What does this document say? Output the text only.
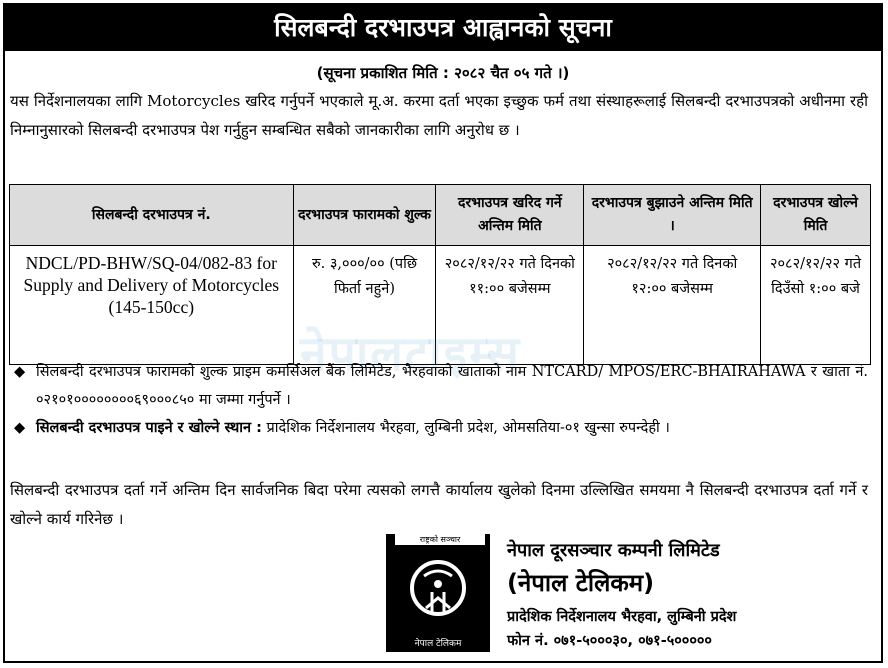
सिलबन्दी दरभाउपत्र आह्वानको सूचना
(सूचना प्रकाशित मिति : २०८२ चैत ०५ गते ।)
यस निर्देशनालयका लागि Motorcycles खरिद गर्नुपर्ने भएकाले मू.अ. करमा दर्ता भएका इच्छुक फर्म तथा संस्थाहरूलाई सिलबन्दी दरभाउपत्रको अधीनमा रही निम्नानुसारको सिलबन्दी दरभाउपत्र पेश गर्नुहुन सम्बन्धित सबैको जानकारीका लागि अनुरोध छ ।
सिलबन्दी दरभाउपत्र नं.	दरभाउपत्र फारामको शुल्क	दरभाउपत्र खरिद गर्ने अन्तिम मिति	दरभाउपत्र बुझाउने अन्तिम मिति ।	दरभाउपत्र खोल्ने मिति
NDCL/PD-BHW/SQ-04/082-83 for Supply and Delivery of Motorcycles (145-150cc)	रु. ३,०००/०० (पछि फिर्ता नहुने)	२०८२/१२/२२ गते दिनको ११:०० बजेसम्म	२०८२/१२/२२ गते दिनको १२:०० बजेसम्म	२०८२/१२/२२ गते दिउँसो १:०० बजे
नेपालटाइम्स
◆ सिलबन्दी दरभाउपत्र फारामको शुल्क प्राइम कमर्सिअल बैंक लिमिटेड, भैरहवाको खाताको नाम NTCARD/ MPOS/ERC-BHAIRAHAWA र खाता नं. ०२१०१००००००००६९०००८५० मा जम्मा गर्नुपर्ने ।
◆ सिलबन्दी दरभाउपत्र पाइने र खोल्ने स्थान : प्रादेशिक निर्देशनालय भैरहवा, लुम्बिनी प्रदेश, ओमसतिया-०१ खुन्सा रुपन्देही ।
सिलबन्दी दरभाउपत्र दर्ता गर्ने अन्तिम दिन सार्वजनिक बिदा परेमा त्यसको लगत्तै कार्यालय खुलेको दिनमा उल्लिखित समयमा नै सिलबन्दी दरभाउपत्र दर्ता गर्ने र खोल्ने कार्य गरिनेछ ।
राष्ट्रको सञ्चार
नेपाल टेलिकम
नेपाल दूरसञ्चार कम्पनी लिमिटेड
(नेपाल टेलिकम)
प्रादेशिक निर्देशनालय भैरहवा, लुम्बिनी प्रदेश
फोन नं. ०७१-५०००३०, ०७१-५०००००
